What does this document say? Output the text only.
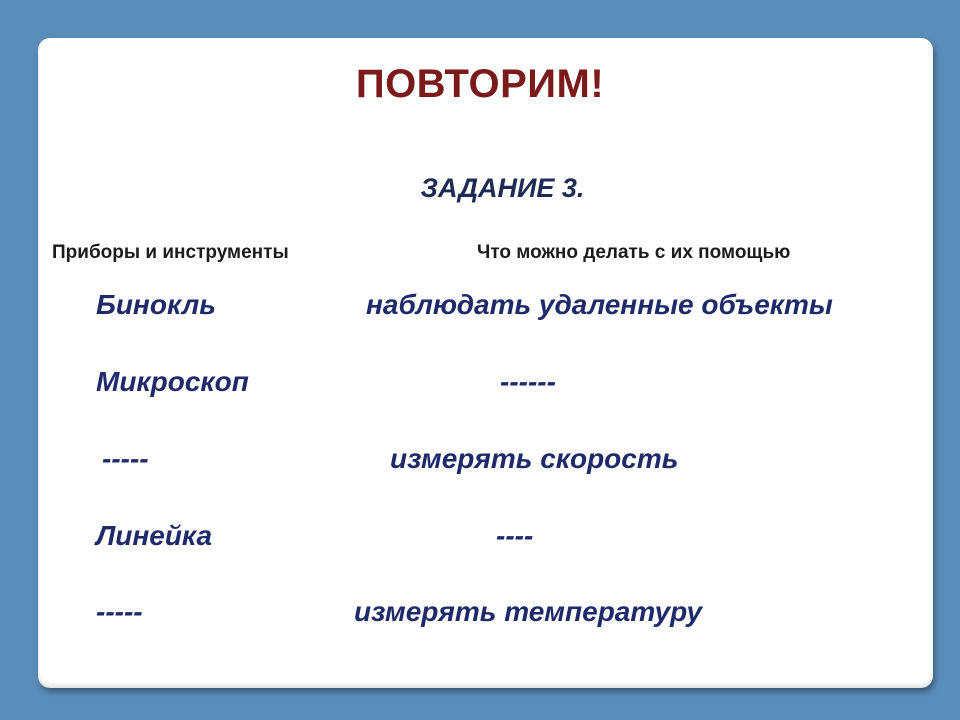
ПОВТОРИМ!
ЗАДАНИЕ 3.
Приборы и инструменты	Что можно делать с их помощью
Бинокль	наблюдать удаленные объекты
Микроскоп	------
-----	измерять скорость
Линейка	----
-----	измерять температуру
